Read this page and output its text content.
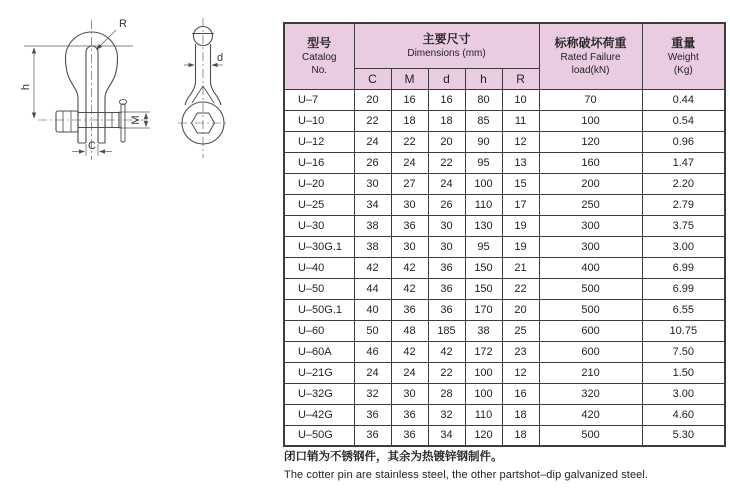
R
h
M
C
d
型号
Catalog
No.

主要尺寸
Dimensions (mm)

标称破坏荷重
Rated Failure
load(kN)

重量
Weight
(Kg)

	C	M	d	h	R		
U–7	20	16	16	80	10	70	0.44
U–10	22	18	18	85	11	100	0.54
U–12	24	22	20	90	12	120	0.96
U–16	26	24	22	95	13	160	1.47
U–20	30	27	24	100	15	200	2.20
U–25	34	30	26	110	17	250	2.79
U–30	38	36	30	130	19	300	3.75
U–30G.1	38	30	30	95	19	300	3.00
U–40	42	42	36	150	21	400	6.99
U–50	44	42	36	150	22	500	6.99
U–50G.1	40	36	36	170	20	500	6.55
U–60	50	48	185	38	25	600	10.75
U–60A	46	42	42	172	23	600	7.50
U–21G	24	24	22	100	12	210	1.50
U–32G	32	30	28	100	16	320	3.00
U–42G	36	36	32	110	18	420	4.60
U–50G	36	36	34	120	18	500	5.30
闭口销为不锈钢件，其余为热镀锌钢制件。
The cotter pin are stainless steel, the other partshot–dip galvanized steel.
